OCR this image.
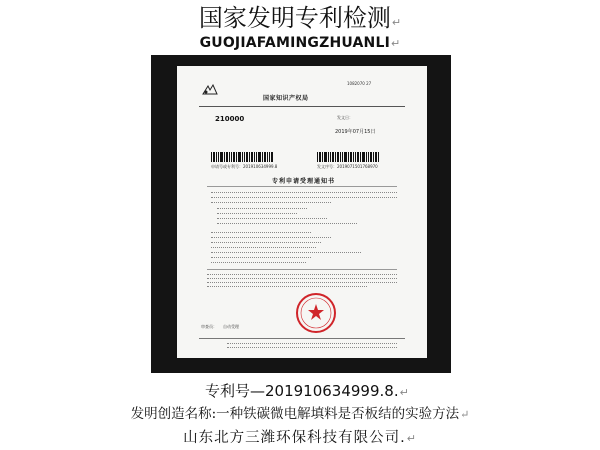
国家发明专利检测↵
GUOJIAFAMINGZHUANLI↵
1082070 27
国家知识产权局
210000	发文日：
2019年07月15日
申请号或专利号：201910634999.8	发文序号：2019071501768970
专利申请受理通知书
审查员： 自动受理
专利号—201910634999.8.↵
发明创造名称:一种铁碳微电解填料是否板结的实验方法↵
山东北方三潍环保科技有限公司.↵
